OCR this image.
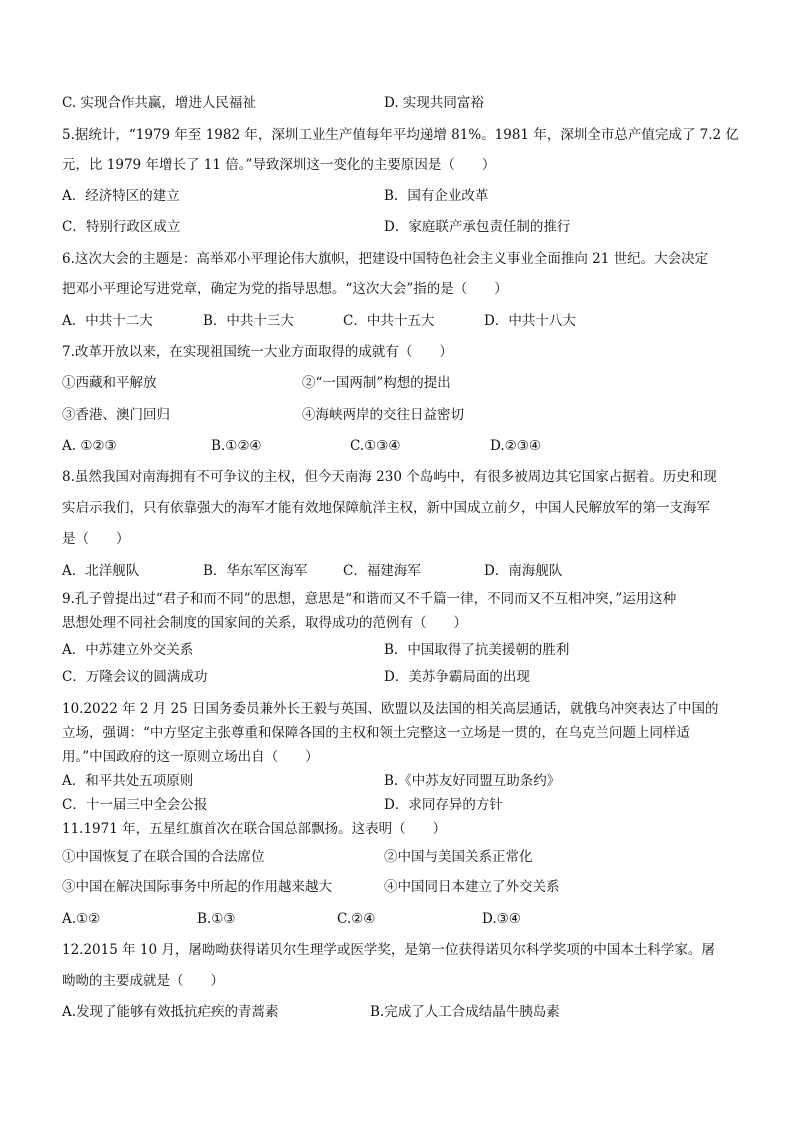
C. 实现合作共赢，增进人民福祉	D. 实现共同富裕
5.据统计，“1979 年至 1982 年，深圳工业生产值每年平均递增 81%。1981 年，深圳全市总产值完成了 7.2 亿
元，比 1979 年增长了 11 倍。”导致深圳这一变化的主要原因是（　　）
A．经济特区的建立	B．国有企业改革
C．特别行政区成立	D．家庭联产承包责任制的推行
6.这次大会的主题是：高举邓小平理论伟大旗帜，把建设中国特色社会主义事业全面推向 21 世纪。大会决定
把邓小平理论写进党章，确定为党的指导思想。“这次大会”指的是（　　）
A．中共十二大	B．中共十三大	C．中共十五大	D．中共十八大
7.改革开放以来，在实现祖国统一大业方面取得的成就有（　　）
①西藏和平解放	②“一国两制”构想的提出
③香港、澳门回归	④海峡两岸的交往日益密切
A. ①②③	B.①②④	C.①③④	D.②③④
8.虽然我国对南海拥有不可争议的主权，但今天南海 230 个岛屿中，有很多被周边其它国家占据着。历史和现
实启示我们，只有依靠强大的海军才能有效地保障航洋主权，新中国成立前夕，中国人民解放军的第一支海军
是（　　）
A．北洋舰队	B．华东军区海军	C．福建海军	D．南海舰队
9.孔子曾提出过“君子和而不同”的思想，意思是“和谐而又不千篇一律，不同而又不互相冲突，”运用这种
思想处理不同社会制度的国家间的关系，取得成功的范例有（　　）
A．中苏建立外交关系	B．中国取得了抗美援朝的胜利
C．万隆会议的圆满成功	D．美苏争霸局面的出现
10.2022 年 2 月 25 日国务委员兼外长王毅与英国、欧盟以及法国的相关高层通话，就俄乌冲突表达了中国的
立场，强调：“中方坚定主张尊重和保障各国的主权和领土完整这一立场是一贯的，在乌克兰问题上同样适
用。”中国政府的这一原则立场出自（　　）
A．和平共处五项原则	B.《中苏友好同盟互助条约》
C．十一届三中全会公报	D．求同存异的方针
11.1971 年，五星红旗首次在联合国总部飘扬。这表明（　　）
①中国恢复了在联合国的合法席位	②中国与美国关系正常化
③中国在解决国际事务中所起的作用越来越大	④中国同日本建立了外交关系
A.①②	B.①③	C.②④	D.③④
12.2015 年 10 月，屠呦呦获得诺贝尔生理学或医学奖，是第一位获得诺贝尔科学奖项的中国本土科学家。屠
呦呦的主要成就是（　　）
A.发现了能够有效抵抗疟疾的青蒿素	B.完成了人工合成结晶牛胰岛素
